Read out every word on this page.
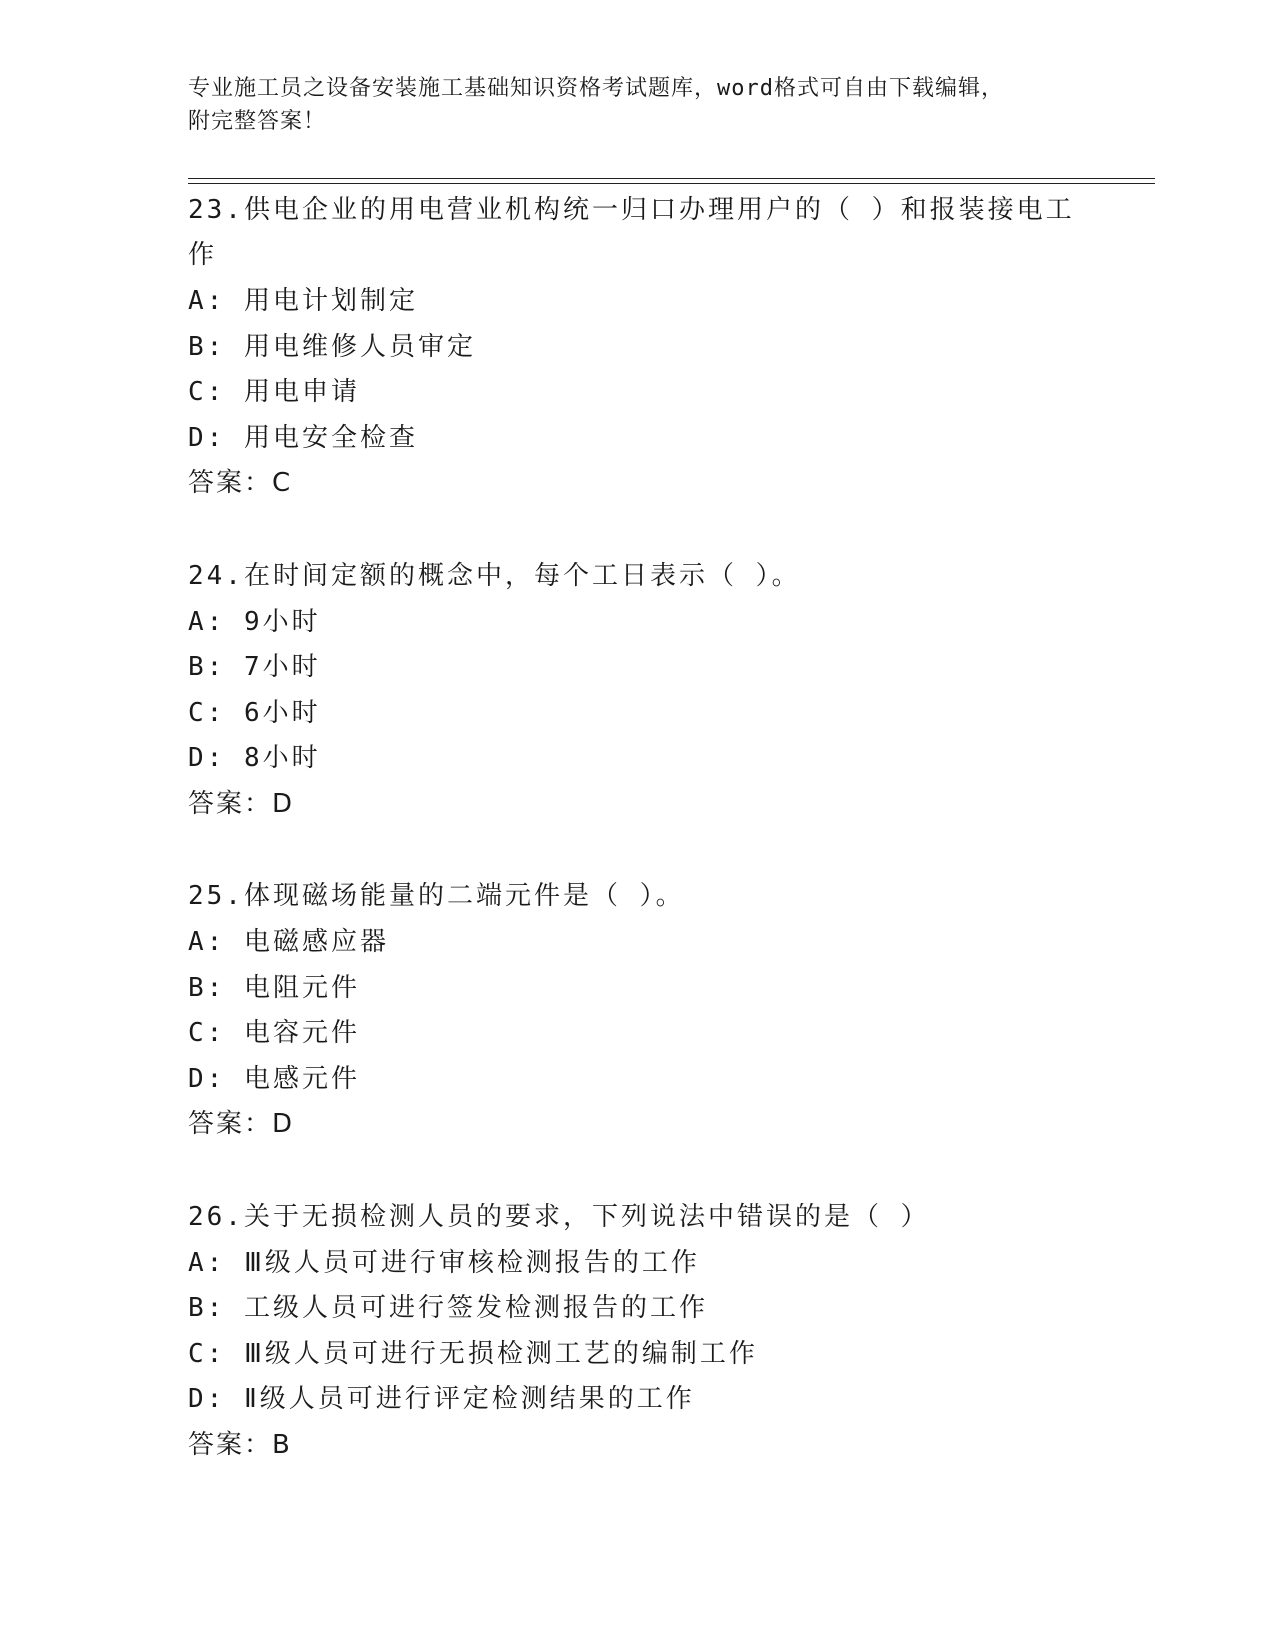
专业施工员之设备安装施工基础知识资格考试题库，word格式可自由下载编辑，
附完整答案！
23.供电企业的用电营业机构统一归口办理用户的（ ）和报装接电工作
A: 用电计划制定
B: 用电维修人员审定
C: 用电申请
D: 用电安全检查
答案：C
24.在时间定额的概念中，每个工日表示（ ）。
A: 9小时
B: 7小时
C: 6小时
D: 8小时
答案：D
25.体现磁场能量的二端元件是（ ）。
A: 电磁感应器
B: 电阻元件
C: 电容元件
D: 电感元件
答案：D
26.关于无损检测人员的要求，下列说法中错误的是（ ）
A: Ⅲ级人员可进行审核检测报告的工作
B: 工级人员可进行签发检测报告的工作
C: Ⅲ级人员可进行无损检测工艺的编制工作
D: Ⅱ级人员可进行评定检测结果的工作
答案：B
